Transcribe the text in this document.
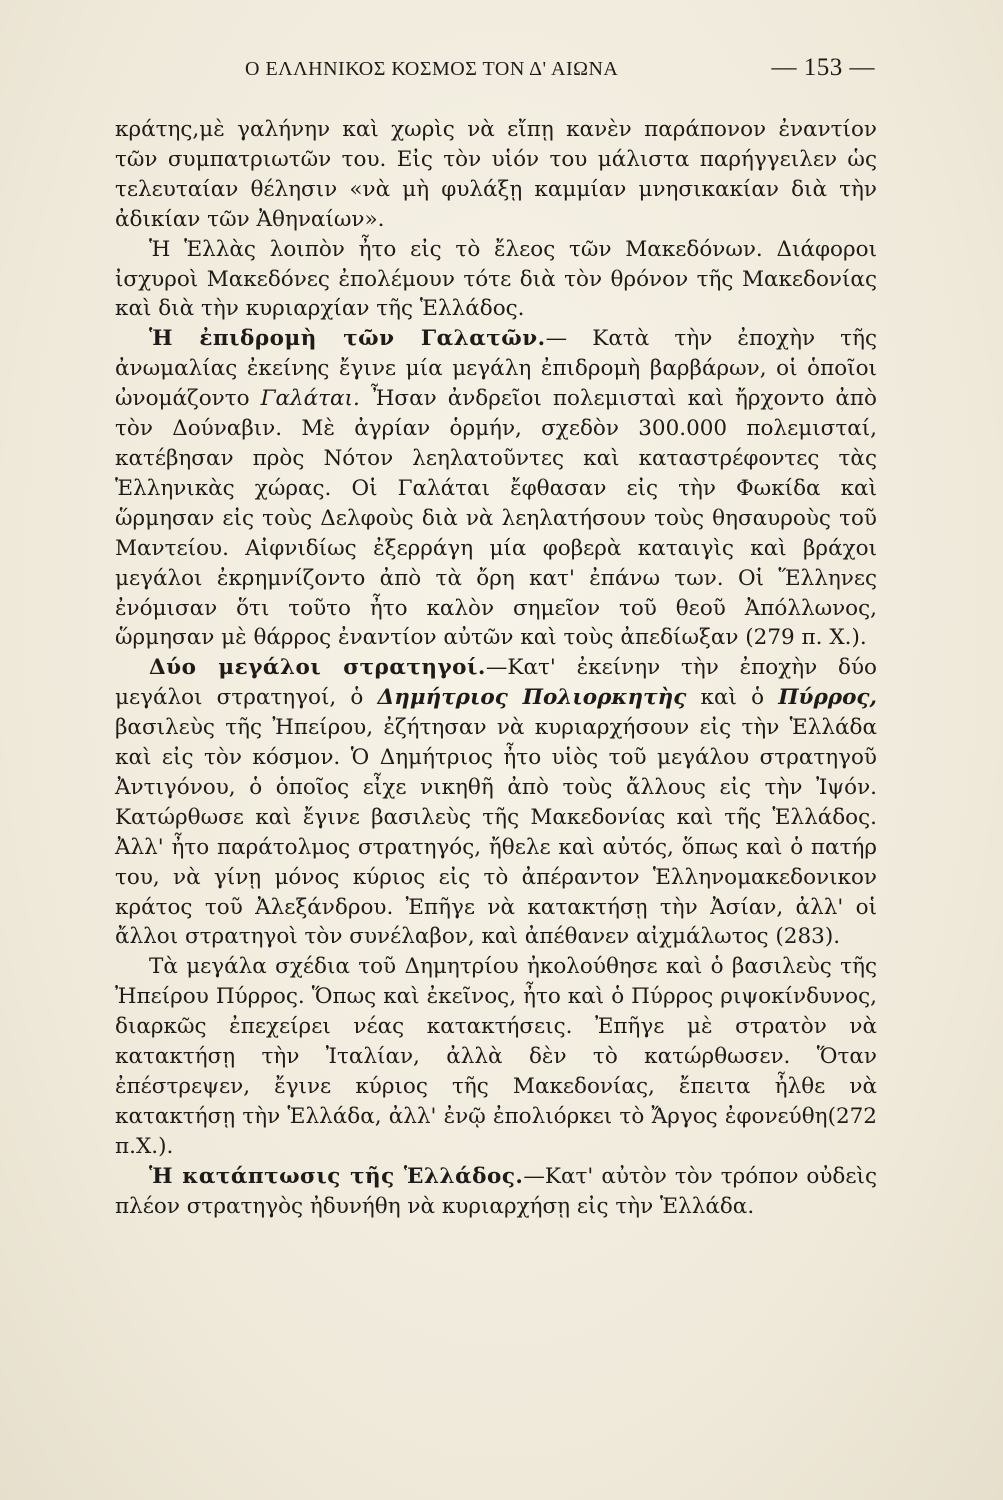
Ο ΕΛΛΗΝΙΚΟΣ ΚΟΣΜΟΣ ΤΟΝ Δ' ΑΙΩΝΑ	— 153 —

κράτης,μὲ γαλήνην καὶ χωρὶς νὰ εἴπῃ κανὲν παράπονον ἐναντίον τῶν συμπατριωτῶν του. Εἰς τὸν υἱόν του μάλιστα παρήγγειλεν ὡς τελευταίαν θέλησιν «νὰ μὴ φυλάξῃ καμμίαν μνησικακίαν διὰ τὴν ἀδικίαν τῶν Ἀθηναίων».

Ἡ Ἑλλὰς λοιπὸν ἦτο εἰς τὸ ἔλεος τῶν Μακεδόνων. Διάφοροι ἰσχυροὶ Μακεδόνες ἐπολέμουν τότε διὰ τὸν θρόνον τῆς Μακεδονίας καὶ διὰ τὴν κυριαρχίαν τῆς Ἑλλάδος.

Ἡ ἐπιδρομὴ τῶν Γαλατῶν.— Κατὰ τὴν ἐποχὴν τῆς ἀνωμαλίας ἐκείνης ἔγινε μία μεγάλη ἐπιδρομὴ βαρβάρων, οἱ ὁποῖοι ὠνομάζοντο Γαλάται. Ἦσαν ἀνδρεῖοι πολεμισταὶ καὶ ἤρχοντο ἀπὸ τὸν Δούναβιν. Μὲ ἀγρίαν ὁρμήν, σχεδὸν 300.000 πολεμισταί, κατέβησαν πρὸς Νότον λεηλατοῦντες καὶ καταστρέφοντες τὰς Ἑλληνικὰς χώρας. Οἱ Γαλάται ἔφθασαν εἰς τὴν Φωκίδα καὶ ὥρμησαν εἰς τοὺς Δελφοὺς διὰ νὰ λεηλατήσουν τοὺς θησαυροὺς τοῦ Μαντείου. Αἰφνιδίως ἐξερράγη μία φοβερὰ καταιγὶς καὶ βράχοι μεγάλοι ἐκρημνίζοντο ἀπὸ τὰ ὄρη κατ' ἐπάνω των. Οἱ Ἕλληνες ἐνόμισαν ὅτι τοῦτο ἦτο καλὸν σημεῖον τοῦ θεοῦ Ἀπόλλωνος, ὥρμησαν μὲ θάρρος ἐναντίον αὐτῶν καὶ τοὺς ἀπεδίωξαν (279 π. Χ.).

Δύο μεγάλοι στρατηγοί.—Κατ' ἐκείνην τὴν ἐποχὴν δύο μεγάλοι στρατηγοί, ὁ Δημήτριος Πολιορκητὴς καὶ ὁ Πύρρος, βασιλεὺς τῆς Ἠπείρου, ἐζήτησαν νὰ κυριαρχήσουν εἰς τὴν Ἑλλάδα καὶ εἰς τὸν κόσμον. Ὁ Δημήτριος ἦτο υἱὸς τοῦ μεγάλου στρατηγοῦ Ἀντιγόνου, ὁ ὁποῖος εἶχε νικηθῆ ἀπὸ τοὺς ἄλλους εἰς τὴν Ἰψόν. Κατώρθωσε καὶ ἔγινε βασιλεὺς τῆς Μακεδονίας καὶ τῆς Ἑλλάδος. Ἀλλ' ἦτο παράτολμος στρατηγός, ἤθελε καὶ αὐτός, ὅπως καὶ ὁ πατήρ του, νὰ γίνῃ μόνος κύριος εἰς τὸ ἀπέραντον Ἑλληνομακεδονικον κράτος τοῦ Ἀλεξάνδρου. Ἐπῆγε νὰ κατακτήσῃ τὴν Ἀσίαν, ἀλλ' οἱ ἄλλοι στρατηγοὶ τὸν συνέλαβον, καὶ ἀπέθανεν αἰχμάλωτος (283).

Τὰ μεγάλα σχέδια τοῦ Δημητρίου ἠκολούθησε καὶ ὁ βασιλεὺς τῆς Ἠπείρου Πύρρος. Ὅπως καὶ ἐκεῖνος, ἦτο καὶ ὁ Πύρρος ριψοκίνδυνος, διαρκῶς ἐπεχείρει νέας κατακτήσεις. Ἐπῆγε μὲ στρατὸν νὰ κατακτήσῃ τὴν Ἰταλίαν, ἀλλὰ δὲν τὸ κατώρθωσεν. Ὅταν ἐπέστρεψεν, ἔγινε κύριος τῆς Μακεδονίας, ἔπειτα ἦλθε νὰ κατακτήσῃ τὴν Ἑλλάδα, ἀλλ' ἐνῷ ἐπολιόρκει τὸ Ἄργος ἐφονεύθη(272 π.Χ.).

Ἡ κατάπτωσις τῆς Ἑλλάδος.—Κατ' αὐτὸν τὸν τρόπον οὐδεὶς πλέον στρατηγὸς ἠδυνήθη νὰ κυριαρχήσῃ εἰς τὴν Ἑλλάδα.
